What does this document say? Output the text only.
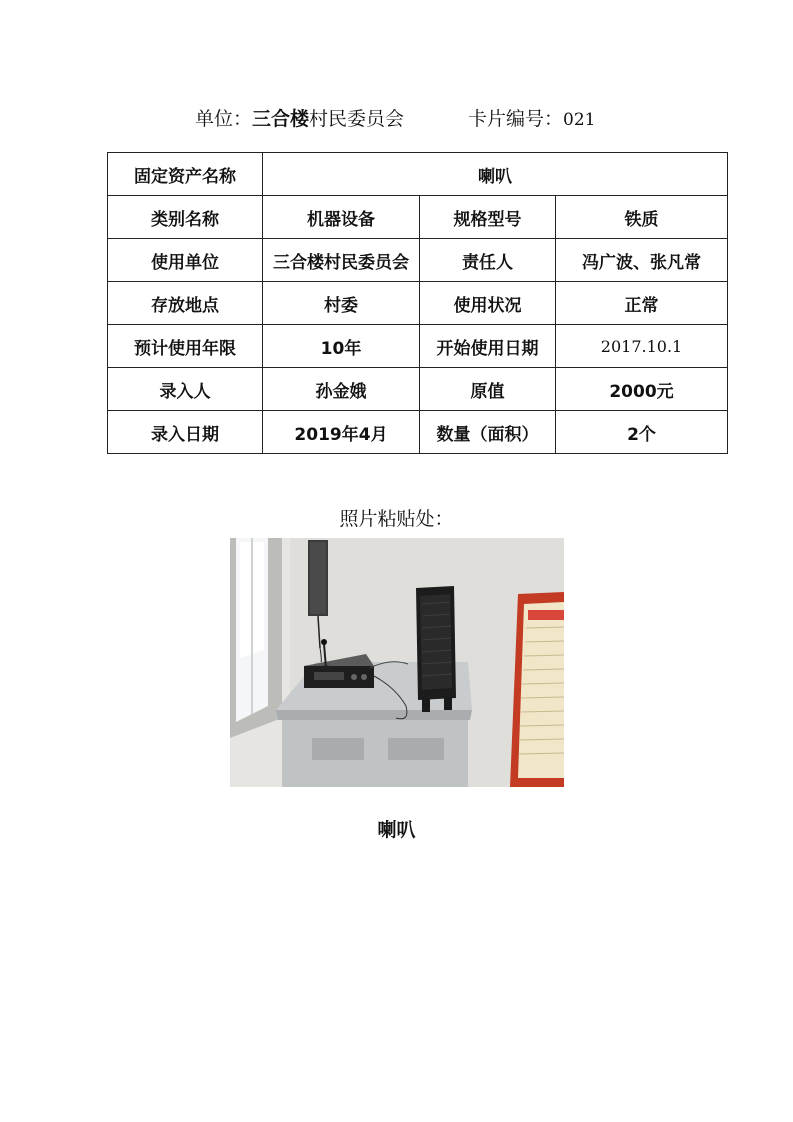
单位：三合楼村民委员会	卡片编号：021
固定资产名称	喇叭		
类别名称	机器设备	规格型号	铁质
使用单位	三合楼村民委员会	责任人	冯广波、张凡常
存放地点	村委	使用状况	正常
预计使用年限	10年	开始使用日期	2017.10.1
录入人	孙金娥	原值	2000元
录入日期	2019年4月	数量（面积）	2个
照片粘贴处：
喇叭
